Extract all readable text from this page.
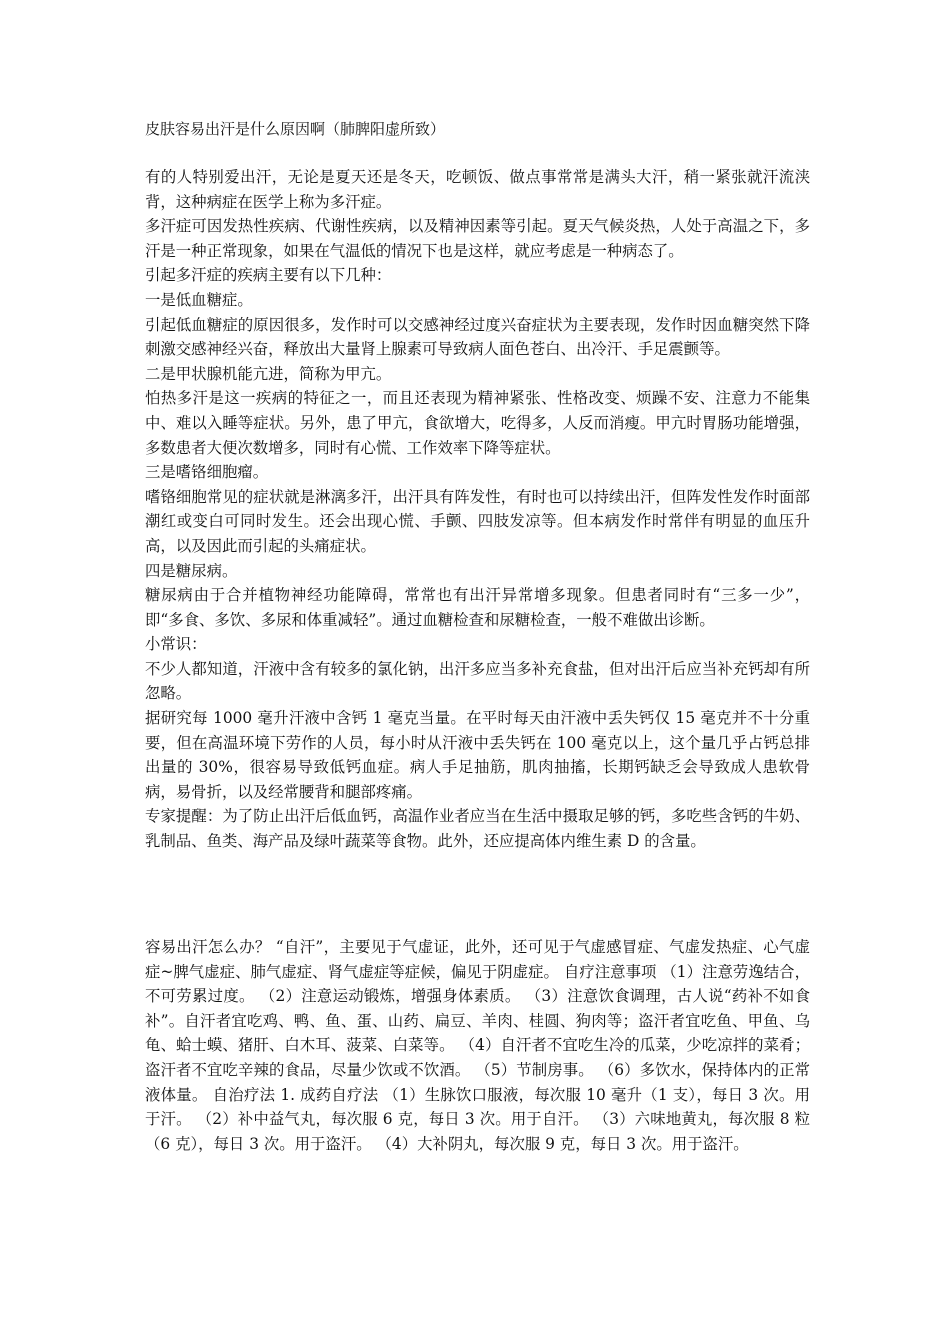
皮肤容易出汗是什么原因啊（肺脾阳虚所致）

有的人特别爱出汗，无论是夏天还是冬天，吃顿饭、做点事常常是满头大汗，稍一紧张就汗流浃背，这种病症在医学上称为多汗症。

多汗症可因发热性疾病、代谢性疾病，以及精神因素等引起。夏天气候炎热，人处于高温之下，多汗是一种正常现象，如果在气温低的情况下也是这样，就应考虑是一种病态了。

引起多汗症的疾病主要有以下几种：

一是低血糖症。

引起低血糖症的原因很多，发作时可以交感神经过度兴奋症状为主要表现，发作时因血糖突然下降刺激交感神经兴奋，释放出大量肾上腺素可导致病人面色苍白、出冷汗、手足震颤等。

二是甲状腺机能亢进，简称为甲亢。

怕热多汗是这一疾病的特征之一，而且还表现为精神紧张、性格改变、烦躁不安、注意力不能集中、难以入睡等症状。另外，患了甲亢，食欲增大，吃得多，人反而消瘦。甲亢时胃肠功能增强，多数患者大便次数增多，同时有心慌、工作效率下降等症状。

三是嗜铬细胞瘤。

嗜铬细胞常见的症状就是淋漓多汗，出汗具有阵发性，有时也可以持续出汗，但阵发性发作时面部潮红或变白可同时发生。还会出现心慌、手颤、四肢发凉等。但本病发作时常伴有明显的血压升高，以及因此而引起的头痛症状。

四是糖尿病。

糖尿病由于合并植物神经功能障碍，常常也有出汗异常增多现象。但患者同时有“三多一少”，即“多食、多饮、多尿和体重减轻”。通过血糖检查和尿糖检查，一般不难做出诊断。

小常识：

不少人都知道，汗液中含有较多的氯化钠，出汗多应当多补充食盐，但对出汗后应当补充钙却有所忽略。

据研究每 1000 毫升汗液中含钙 1 毫克当量。在平时每天由汗液中丢失钙仅 15 毫克并不十分重要，但在高温环境下劳作的人员，每小时从汗液中丢失钙在 100 毫克以上，这个量几乎占钙总排出量的 30%，很容易导致低钙血症。病人手足抽筋，肌肉抽搐，长期钙缺乏会导致成人患软骨病，易骨折，以及经常腰背和腿部疼痛。

专家提醒：为了防止出汗后低血钙，高温作业者应当在生活中摄取足够的钙，多吃些含钙的牛奶、乳制品、鱼类、海产品及绿叶蔬菜等食物。此外，还应提高体内维生素 D 的含量。

容易出汗怎么办？ “自汗”，主要见于气虚证，此外，还可见于气虚感冒症、气虚发热症、心气虚症~脾气虚症、肺气虚症、肾气虚症等症候，偏见于阴虚症。 自疗注意事项 （1）注意劳逸结合，不可劳累过度。 （2）注意运动锻炼，增强身体素质。 （3）注意饮食调理，古人说“药补不如食补”。自汗者宜吃鸡、鸭、鱼、蛋、山药、扁豆、羊肉、桂圆、狗肉等；盗汗者宜吃鱼、甲鱼、乌龟、蛤士蟆、猪肝、白木耳、菠菜、白菜等。 （4）自汗者不宜吃生冷的瓜菜，少吃凉拌的菜肴；盗汗者不宜吃辛辣的食品，尽量少饮或不饮酒。 （5）节制房事。 （6）多饮水，保持体内的正常液体量。 自治疗法 1. 成药自疗法 （1）生脉饮口服液，每次服 10 毫升（1 支），每日 3 次。用于汗。 （2）补中益气丸，每次服 6 克，每日 3 次。用于自汗。 （3）六味地黄丸，每次服 8 粒（6 克），每日 3 次。用于盗汗。 （4）大补阴丸，每次服 9 克，每日 3 次。用于盗汗。
